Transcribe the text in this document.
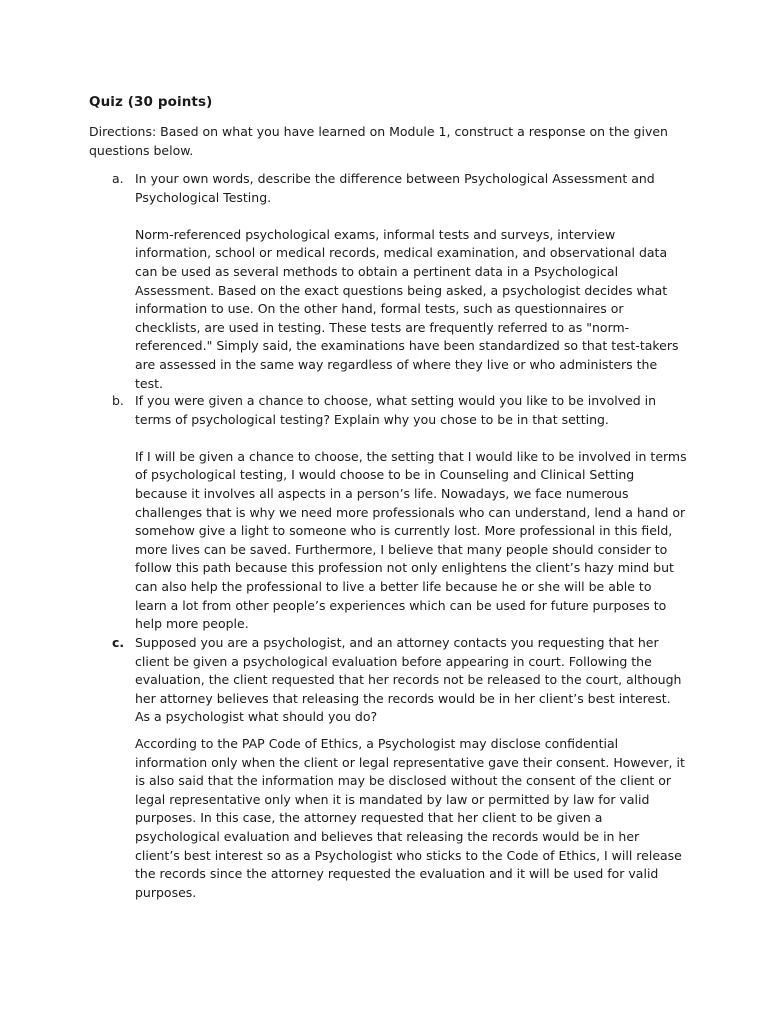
Quiz (30 points)
Directions: Based on what you have learned on Module 1, construct a response on the given questions below.
a. In your own words, describe the difference between Psychological Assessment and Psychological Testing.

Norm-referenced psychological exams, informal tests and surveys, interview information, school or medical records, medical examination, and observational data can be used as several methods to obtain a pertinent data in a Psychological Assessment. Based on the exact questions being asked, a psychologist decides what information to use. On the other hand, formal tests, such as questionnaires or checklists, are used in testing. These tests are frequently referred to as "norm-referenced." Simply said, the examinations have been standardized so that test-takers are assessed in the same way regardless of where they live or who administers the test.

b. If you were given a chance to choose, what setting would you like to be involved in terms of psychological testing? Explain why you chose to be in that setting.

If I will be given a chance to choose, the setting that I would like to be involved in terms of psychological testing, I would choose to be in Counseling and Clinical Setting because it involves all aspects in a person’s life. Nowadays, we face numerous challenges that is why we need more professionals who can understand, lend a hand or somehow give a light to someone who is currently lost. More professional in this field, more lives can be saved. Furthermore, I believe that many people should consider to follow this path because this profession not only enlightens the client’s hazy mind but can also help the professional to live a better life because he or she will be able to learn a lot from other people’s experiences which can be used for future purposes to help more people.

c. Supposed you are a psychologist, and an attorney contacts you requesting that her client be given a psychological evaluation before appearing in court. Following the evaluation, the client requested that her records not be released to the court, although her attorney believes that releasing the records would be in her client’s best interest. As a psychologist what should you do?

According to the PAP Code of Ethics, a Psychologist may disclose confidential information only when the client or legal representative gave their consent. However, it is also said that the information may be disclosed without the consent of the client or legal representative only when it is mandated by law or permitted by law for valid purposes. In this case, the attorney requested that her client to be given a psychological evaluation and believes that releasing the records would be in her client’s best interest so as a Psychologist who sticks to the Code of Ethics, I will release the records since the attorney requested the evaluation and it will be used for valid purposes.
